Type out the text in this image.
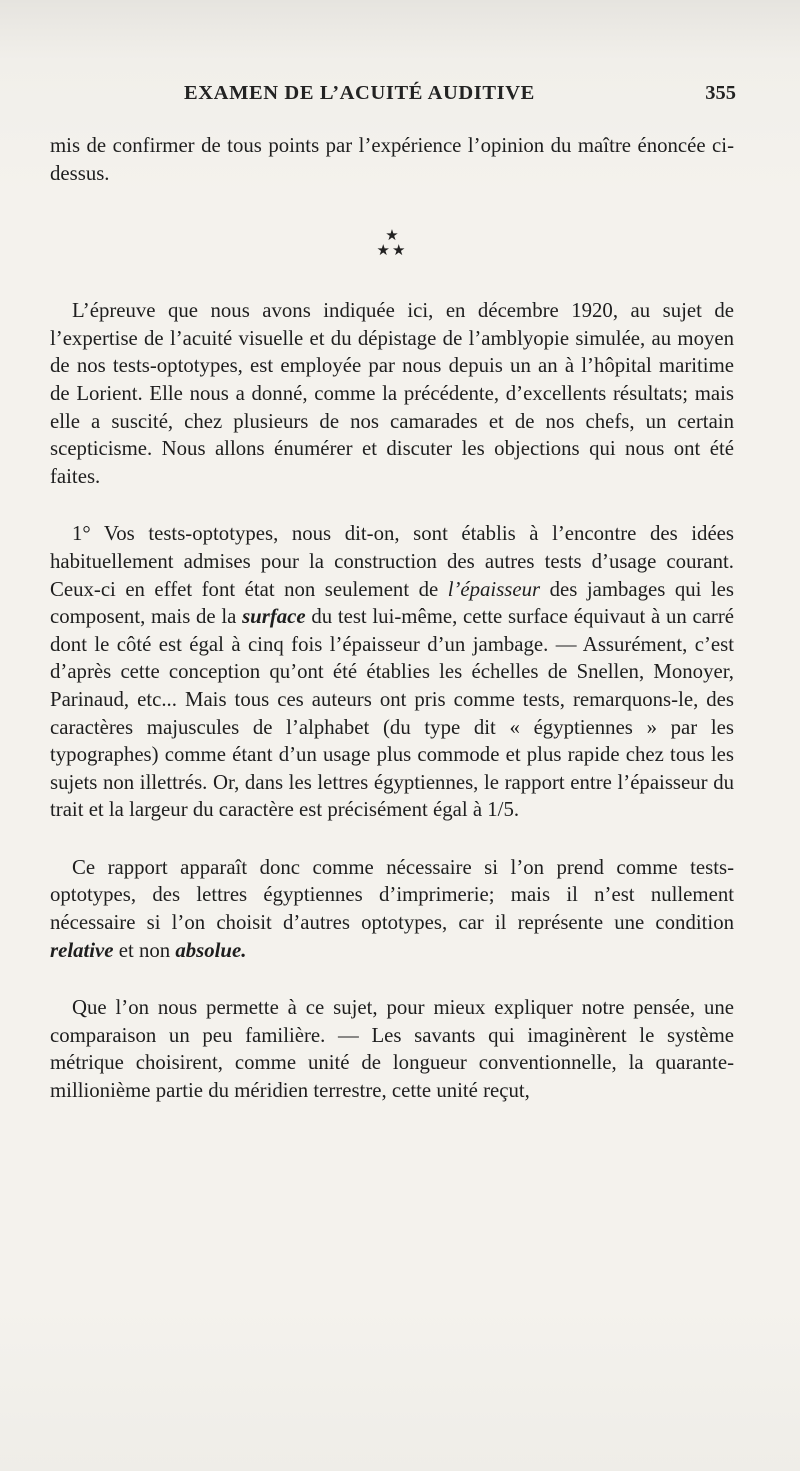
EXAMEN DE L’ACUITÉ AUDITIVE	355

mis de confirmer de tous points par l’expérience l’opinion du maître énoncée ci-dessus.

★
★★

L’épreuve que nous avons indiquée ici, en décembre 1920, au sujet de l’expertise de l’acuité visuelle et du dépistage de l’amblyopie simulée, au moyen de nos tests-optotypes, est employée par nous depuis un an à l’hôpital maritime de Lorient. Elle nous a donné, comme la précédente, d’excellents résultats; mais elle a suscité, chez plusieurs de nos camarades et de nos chefs, un certain scepticisme. Nous allons énumérer et discuter les objections qui nous ont été faites.

1° Vos tests-optotypes, nous dit-on, sont établis à l’encontre des idées habituellement admises pour la construction des autres tests d’usage courant. Ceux-ci en effet font état non seulement de l’épaisseur des jambages qui les composent, mais de la surface du test lui-même, cette surface équivaut à un carré dont le côté est égal à cinq fois l’épaisseur d’un jambage. — Assurément, c’est d’après cette conception qu’ont été établies les échelles de Snellen, Monoyer, Parinaud, etc... Mais tous ces auteurs ont pris comme tests, remarquons-le, des caractères majuscules de l’alphabet (du type dit « égyptiennes » par les typographes) comme étant d’un usage plus commode et plus rapide chez tous les sujets non illettrés. Or, dans les lettres égyptiennes, le rapport entre l’épaisseur du trait et la largeur du caractère est précisément égal à 1/5.

Ce rapport apparaît donc comme nécessaire si l’on prend comme tests-optotypes, des lettres égyptiennes d’imprimerie; mais il n’est nullement nécessaire si l’on choisit d’autres optotypes, car il représente une condition relative et non absolue.

Que l’on nous permette à ce sujet, pour mieux expliquer notre pensée, une comparaison un peu familière. — Les savants qui imaginèrent le système métrique choisirent, comme unité de longueur conventionnelle, la quarante-millionième partie du méridien terrestre, cette unité reçut,
